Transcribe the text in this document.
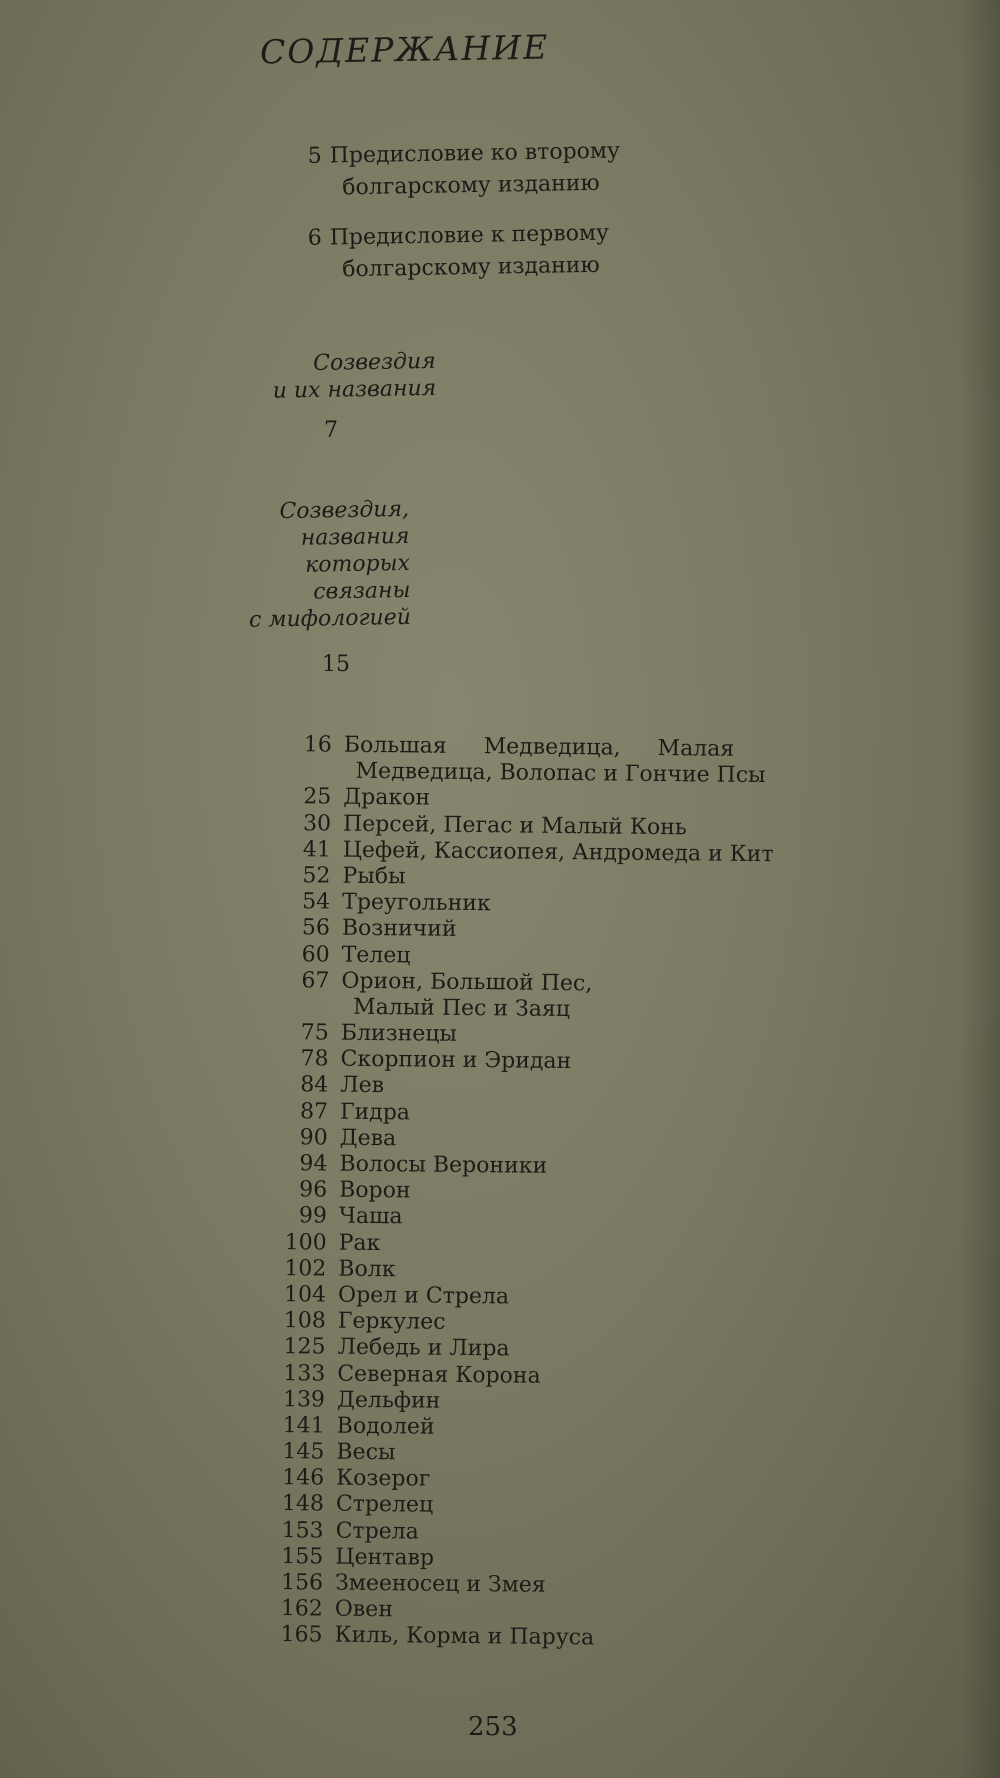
СОДЕРЖАНИЕ
5 Предисловие ко второму
болгарскому изданию
6 Предисловие к первому
болгарскому изданию
Созвездия
и их названия
7
Созвездия,
названия
которых
связаны
с мифологией
15
16 Большая Медведица, Малая
Медведица, Волопас и Гончие Псы
25 Дракон
30 Персей, Пегас и Малый Конь
41 Цефей, Кассиопея, Андромеда и Кит
52 Рыбы
54 Треугольник
56 Возничий
60 Телец
67 Орион, Большой Пес,
Малый Пес и Заяц
75 Близнецы
78 Скорпион и Эридан
84 Лев
87 Гидра
90 Дева
94 Волосы Вероники
96 Ворон
99 Чаша
100 Рак
102 Волк
104 Орел и Стрела
108 Геркулес
125 Лебедь и Лира
133 Северная Корона
139 Дельфин
141 Водолей
145 Весы
146 Козерог
148 Стрелец
153 Стрела
155 Центавр
156 Змееносец и Змея
162 Овен
165 Киль, Корма и Паруса
253
